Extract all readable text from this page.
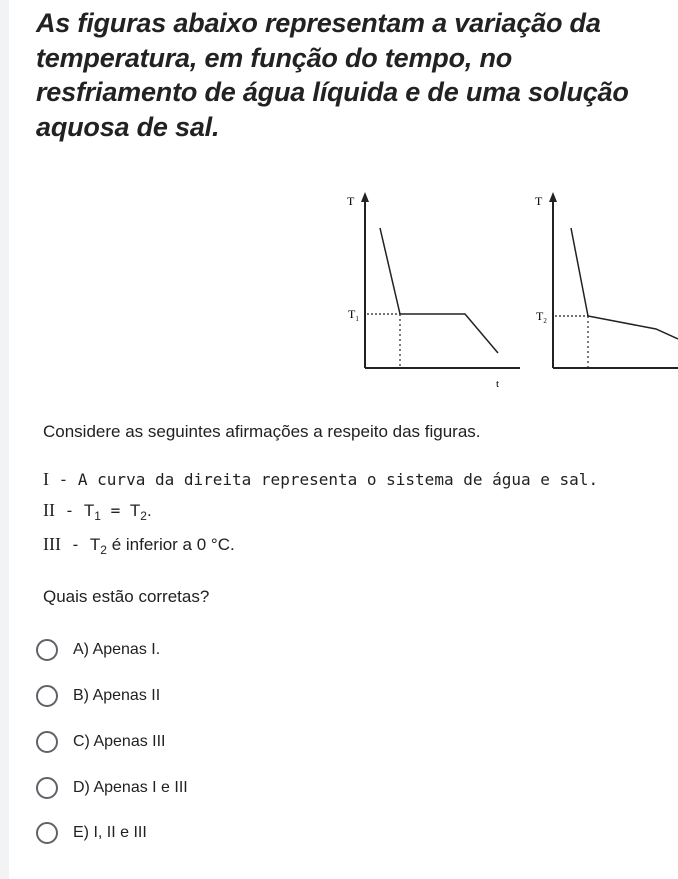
As figuras abaixo representam a variação da temperatura, em função do tempo, no resfriamento de água líquida e de uma solução aquosa de sal.
T
$T_1$
t
T
$T_2$
Considere as seguintes afirmações a respeito das figuras.
I - A curva da direita representa o sistema de água e sal.
II - $T_1 = T_2$.
III - $T_2$ é inferior a 0 °C.
Quais estão corretas?
A) Apenas I.
B) Apenas II
C) Apenas III
D) Apenas I e III
E) I, II e III
